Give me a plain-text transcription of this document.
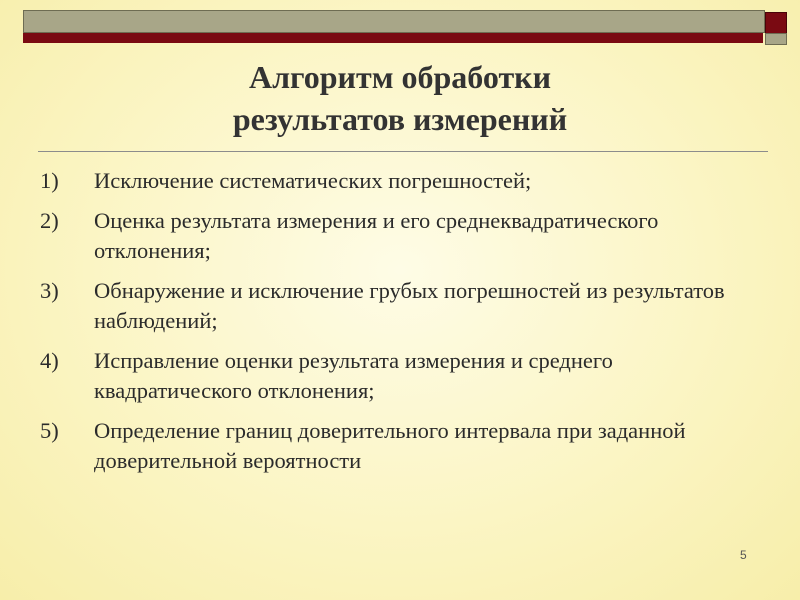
Алгоритм обработки
результатов измерений
1) Исключение систематических погрешностей;
2) Оценка результата измерения и его среднеквадратического отклонения;
3) Обнаружение и исключение грубых погрешностей из результатов наблюдений;
4) Исправление оценки результата измерения и среднего квадратического отклонения;
5) Определение границ доверительного интервала при заданной доверительной вероятности
5
